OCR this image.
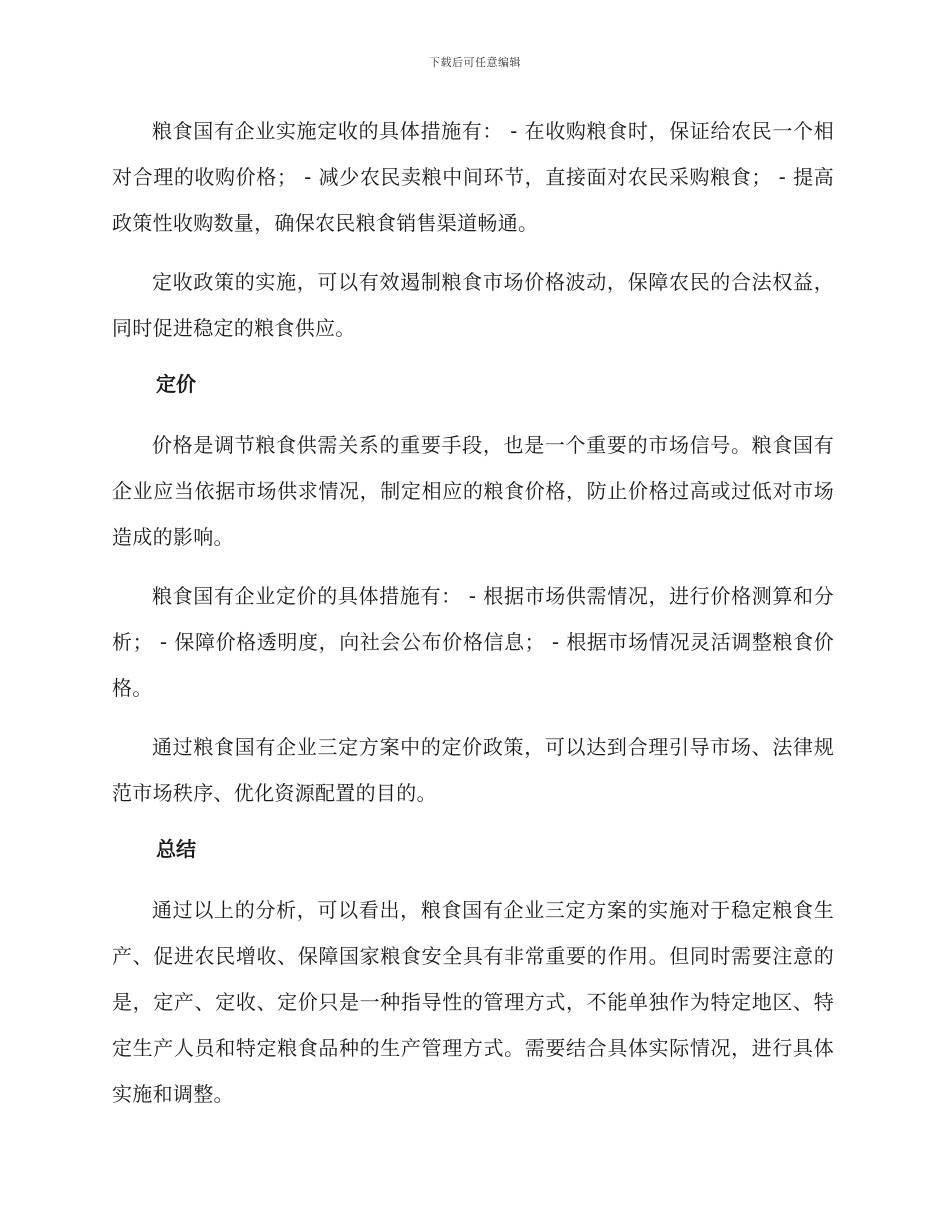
下载后可任意编辑

粮食国有企业实施定收的具体措施有： - 在收购粮食时，保证给农民一个相对合理的收购价格； - 减少农民卖粮中间环节，直接面对农民采购粮食； - 提高政策性收购数量，确保农民粮食销售渠道畅通。

定收政策的实施，可以有效遏制粮食市场价格波动，保障农民的合法权益，同时促进稳定的粮食供应。

定价

价格是调节粮食供需关系的重要手段，也是一个重要的市场信号。粮食国有企业应当依据市场供求情况，制定相应的粮食价格，防止价格过高或过低对市场造成的影响。

粮食国有企业定价的具体措施有： - 根据市场供需情况，进行价格测算和分析； - 保障价格透明度，向社会公布价格信息； - 根据市场情况灵活调整粮食价格。

通过粮食国有企业三定方案中的定价政策，可以达到合理引导市场、法律规范市场秩序、优化资源配置的目的。

总结

通过以上的分析，可以看出，粮食国有企业三定方案的实施对于稳定粮食生产、促进农民增收、保障国家粮食安全具有非常重要的作用。但同时需要注意的是，定产、定收、定价只是一种指导性的管理方式，不能单独作为特定地区、特定生产人员和特定粮食品种的生产管理方式。需要结合具体实际情况，进行具体实施和调整。
